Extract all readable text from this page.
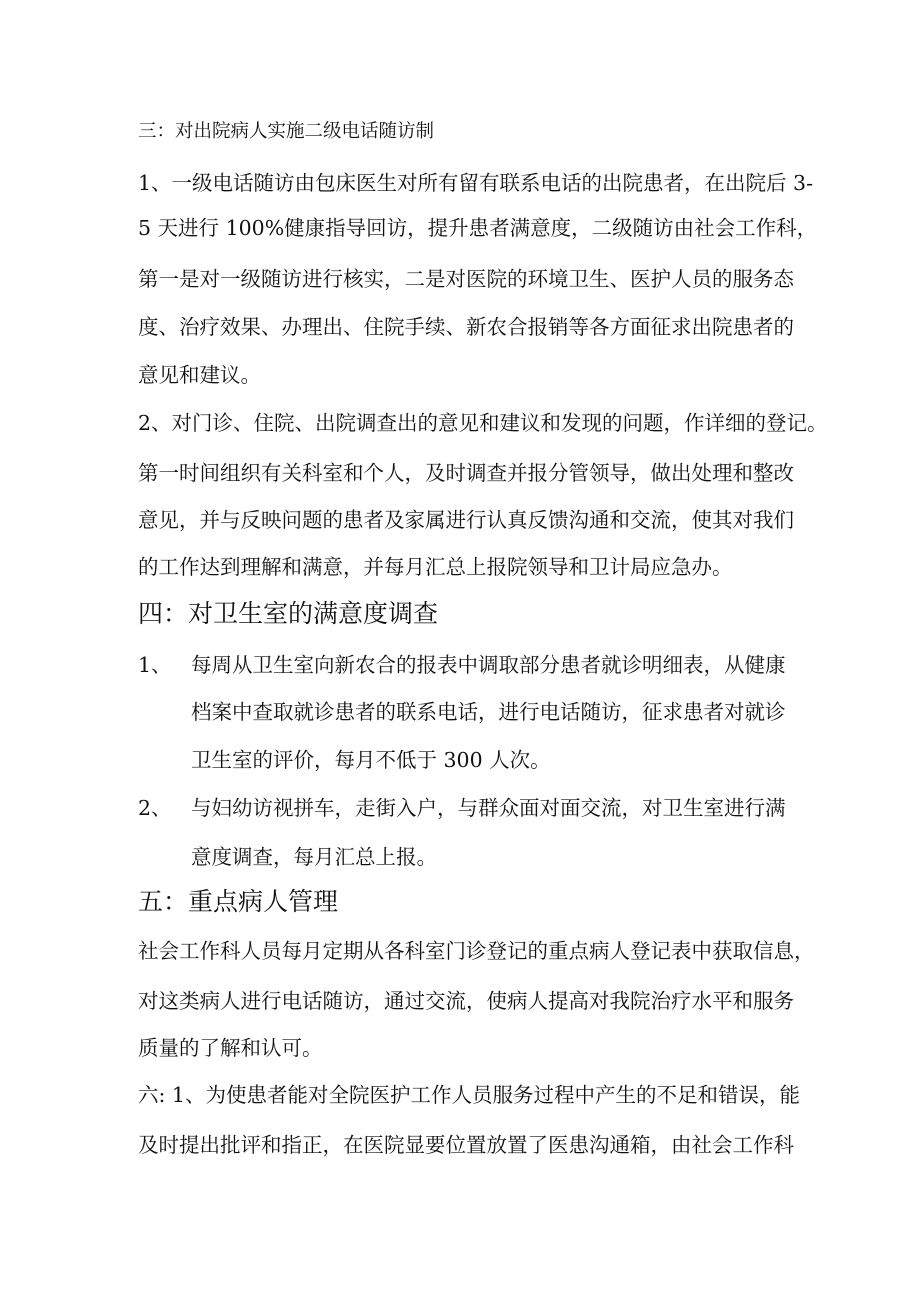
三：对出院病人实施二级电话随访制
1、一级电话随访由包床医生对所有留有联系电话的出院患者，在出院后 3-
5 天进行 100%健康指导回访，提升患者满意度，二级随访由社会工作科，
第一是对一级随访进行核实，二是对医院的环境卫生、医护人员的服务态
度、治疗效果、办理出、住院手续、新农合报销等各方面征求出院患者的
意见和建议。
2、对门诊、住院、出院调查出的意见和建议和发现的问题，作详细的登记。
第一时间组织有关科室和个人，及时调查并报分管领导，做出处理和整改
意见，并与反映问题的患者及家属进行认真反馈沟通和交流，使其对我们
的工作达到理解和满意，并每月汇总上报院领导和卫计局应急办。
四：对卫生室的满意度调查
1、 每周从卫生室向新农合的报表中调取部分患者就诊明细表，从健康
档案中查取就诊患者的联系电话，进行电话随访，征求患者对就诊
卫生室的评价，每月不低于 300 人次。
2、 与妇幼访视拼车，走街入户，与群众面对面交流，对卫生室进行满
意度调查，每月汇总上报。
五：重点病人管理
社会工作科人员每月定期从各科室门诊登记的重点病人登记表中获取信息，
对这类病人进行电话随访，通过交流，使病人提高对我院治疗水平和服务
质量的了解和认可。
六: 1、为使患者能对全院医护工作人员服务过程中产生的不足和错误，能
及时提出批评和指正，在医院显要位置放置了医患沟通箱，由社会工作科
